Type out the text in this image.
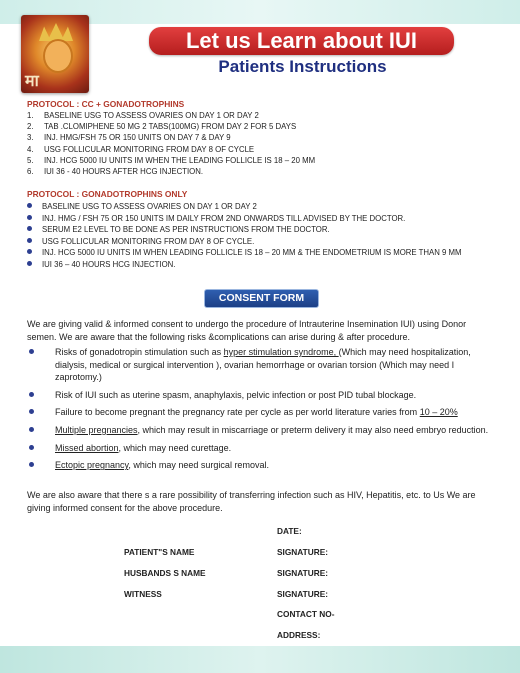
मा
Let us Learn about IUI
Patients Instructions
PROTOCOL : CC + GONADOTROPHINS
1. BASELINE USG TO ASSESS OVARIES ON DAY 1 OR DAY 2
2. TAB .CLOMIPHENE 50 MG 2 TABS(100MG) FROM DAY 2 FOR 5 DAYS
3. INJ. HMG/FSH 75 OR 150 UNITS ON DAY 7 & DAY 9
4. USG FOLLICULAR MONITORING FROM DAY 8 OF CYCLE
5. INJ. HCG 5000 IU UNITS IM WHEN THE LEADING FOLLICLE IS 18 – 20 MM
6. IUI 36 - 40 HOURS AFTER HCG INJECTION.
PROTOCOL : GONADOTROPHINS ONLY
BASELINE USG TO ASSESS OVARIES ON DAY 1 OR DAY 2
INJ. HMG / FSH 75 OR 150 UNITS IM DAILY FROM 2ND ONWARDS TILL ADVISED BY THE DOCTOR.
SERUM E2 LEVEL TO BE DONE AS PER INSTRUCTIONS FROM THE DOCTOR.
USG FOLLICULAR MONITORING FROM DAY 8 OF CYCLE.
INJ. HCG 5000 IU UNITS IM WHEN LEADING FOLLICLE IS 18 – 20 MM & THE ENDOMETRIUM IS MORE THAN 9 MM
IUI 36 – 40 HOURS HCG INJECTION.
CONSENT FORM
We are giving valid & informed consent to undergo the procedure of Intrauterine Insemination IUI) using Donor semen. We are aware that the following risks &complications can arise during & after procedure.
Risks of gonadotropin stimulation such as hyper stimulation syndrome, (Which may need hospitalization, dialysis, medical or surgical intervention ), ovarian hemorrhage or ovarian torsion (Which may need I zaprotomy.)
Risk of IUI such as uterine spasm, anaphylaxis, pelvic infection or post PID tubal blockage.
Failure to become pregnant the pregnancy rate per cycle as per world literature varies from 10 – 20%
Multiple pregnancies, which may result in miscarriage or preterm delivery it may also need embryo reduction.
Missed abortion, which may need curettage.
Ectopic pregnancy, which may need surgical removal.
We are also aware that there s a rare possibility of transferring infection such as HIV, Hepatitis, etc. to Us We are giving informed consent for the above procedure.
DATE:
PATIENT"S NAME	SIGNATURE:
HUSBANDS S NAME	SIGNATURE:
WITNESS	SIGNATURE:
CONTACT NO-
ADDRESS:
